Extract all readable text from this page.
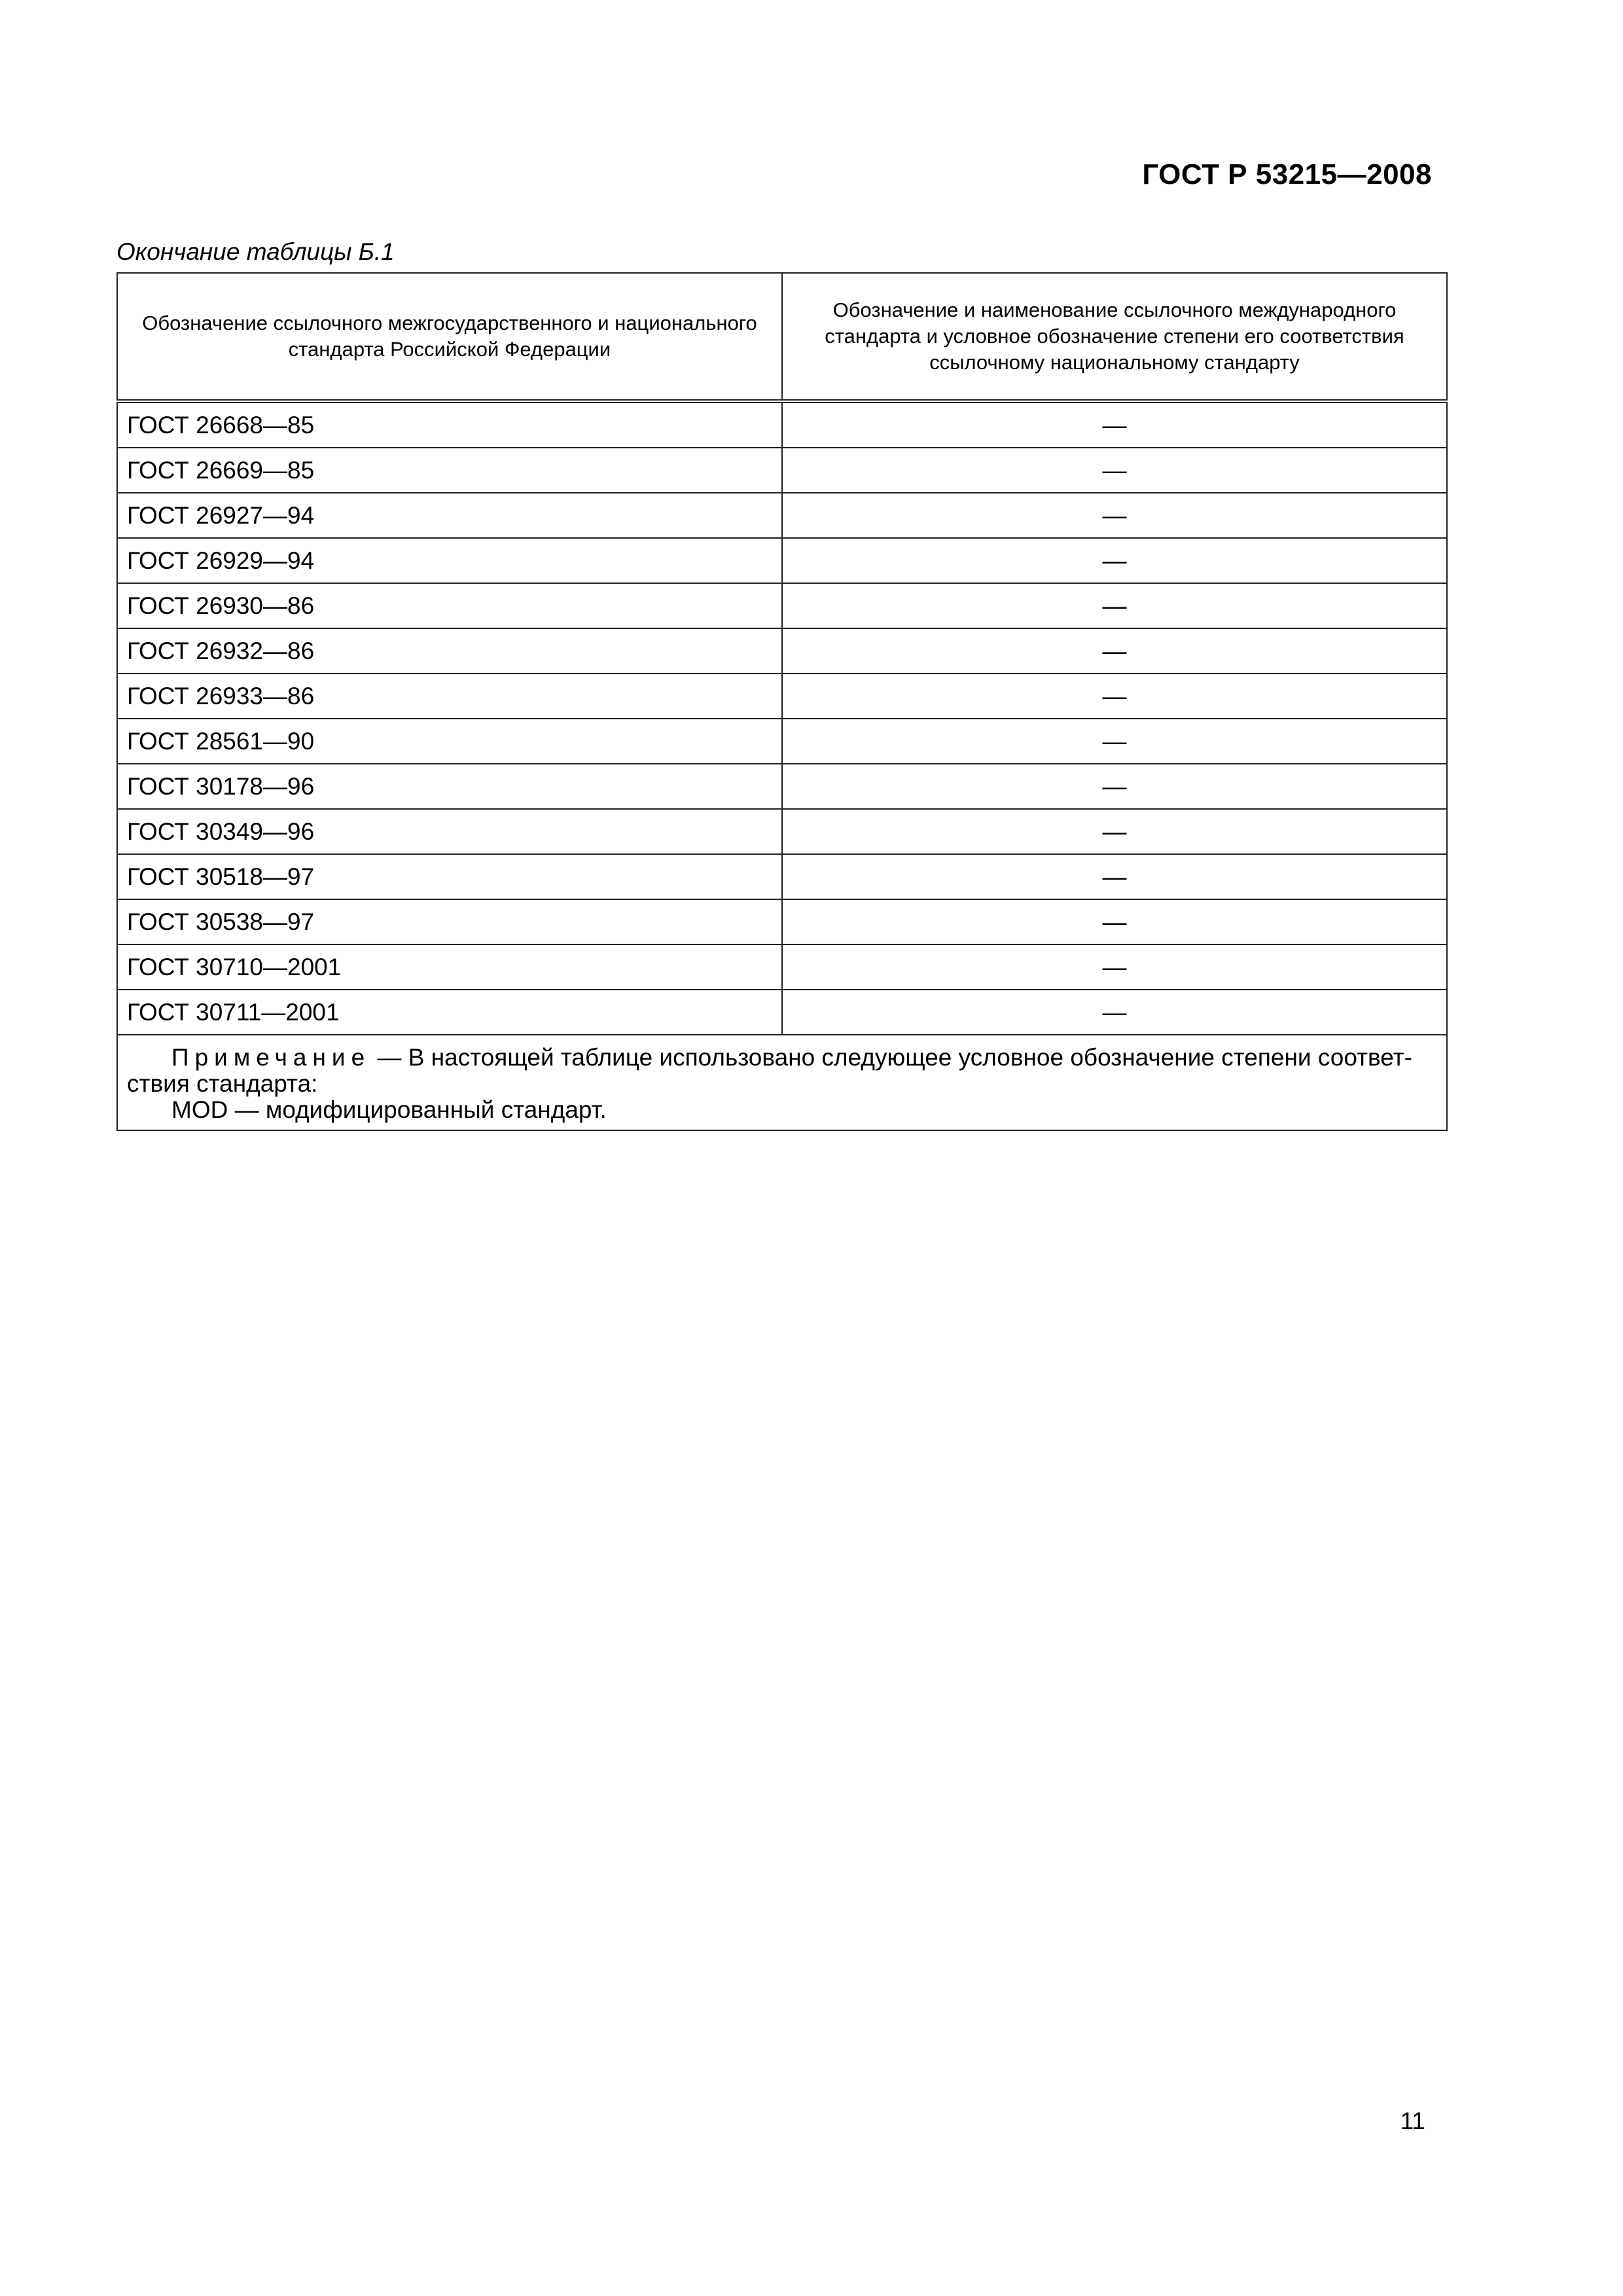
ГОСТ Р 53215—2008
Окончание таблицы Б.1
Обозначение ссылочного межгосударственного и национального стандарта Российской Федерации	Обозначение и наименование ссылочного международного стандарта и условное обозначение степени его соответствия ссылочному национальному стандарту
ГОСТ 26668—85	—
ГОСТ 26669—85	—
ГОСТ 26927—94	—
ГОСТ 26929—94	—
ГОСТ 26930—86	—
ГОСТ 26932—86	—
ГОСТ 26933—86	—
ГОСТ 28561—90	—
ГОСТ 30178—96	—
ГОСТ 30349—96	—
ГОСТ 30518—97	—
ГОСТ 30538—97	—
ГОСТ 30710—2001	—
ГОСТ 30711—2001	—

Примечание — В настоящей таблице использовано следующее условное обозначение степени соответ-
ствия стандарта:
MOD — модифицированный стандарт.	
11
